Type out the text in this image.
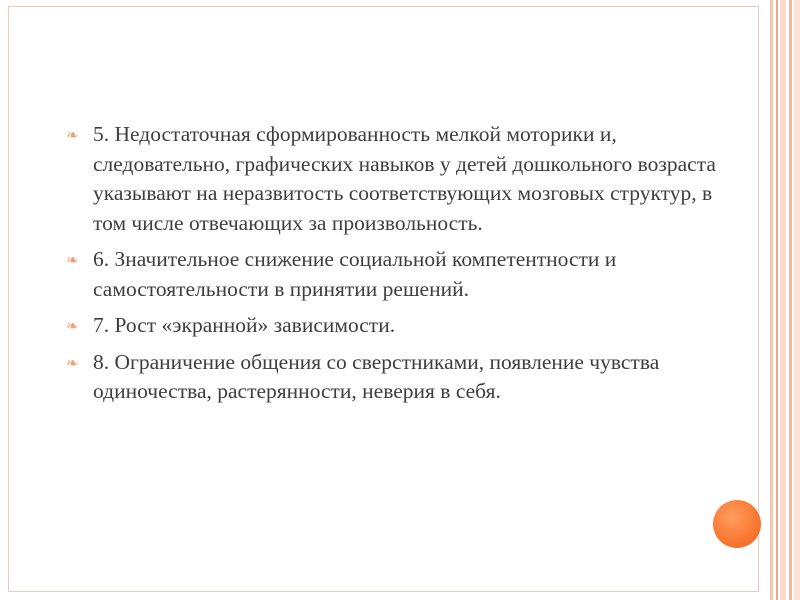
❧ 5. Недостаточная сформированность мелкой моторики и, следовательно, графических навыков у детей дошкольного возраста указывают на неразвитость соответствующих мозговых структур, в том числе отвечающих за произвольность.
❧ 6. Значительное снижение социальной компетентности и самостоятельности в принятии решений.
❧ 7. Рост «экранной» зависимости.
❧ 8. Ограничение общения со сверстниками, появление чувства одиночества, растерянности, неверия в себя.
